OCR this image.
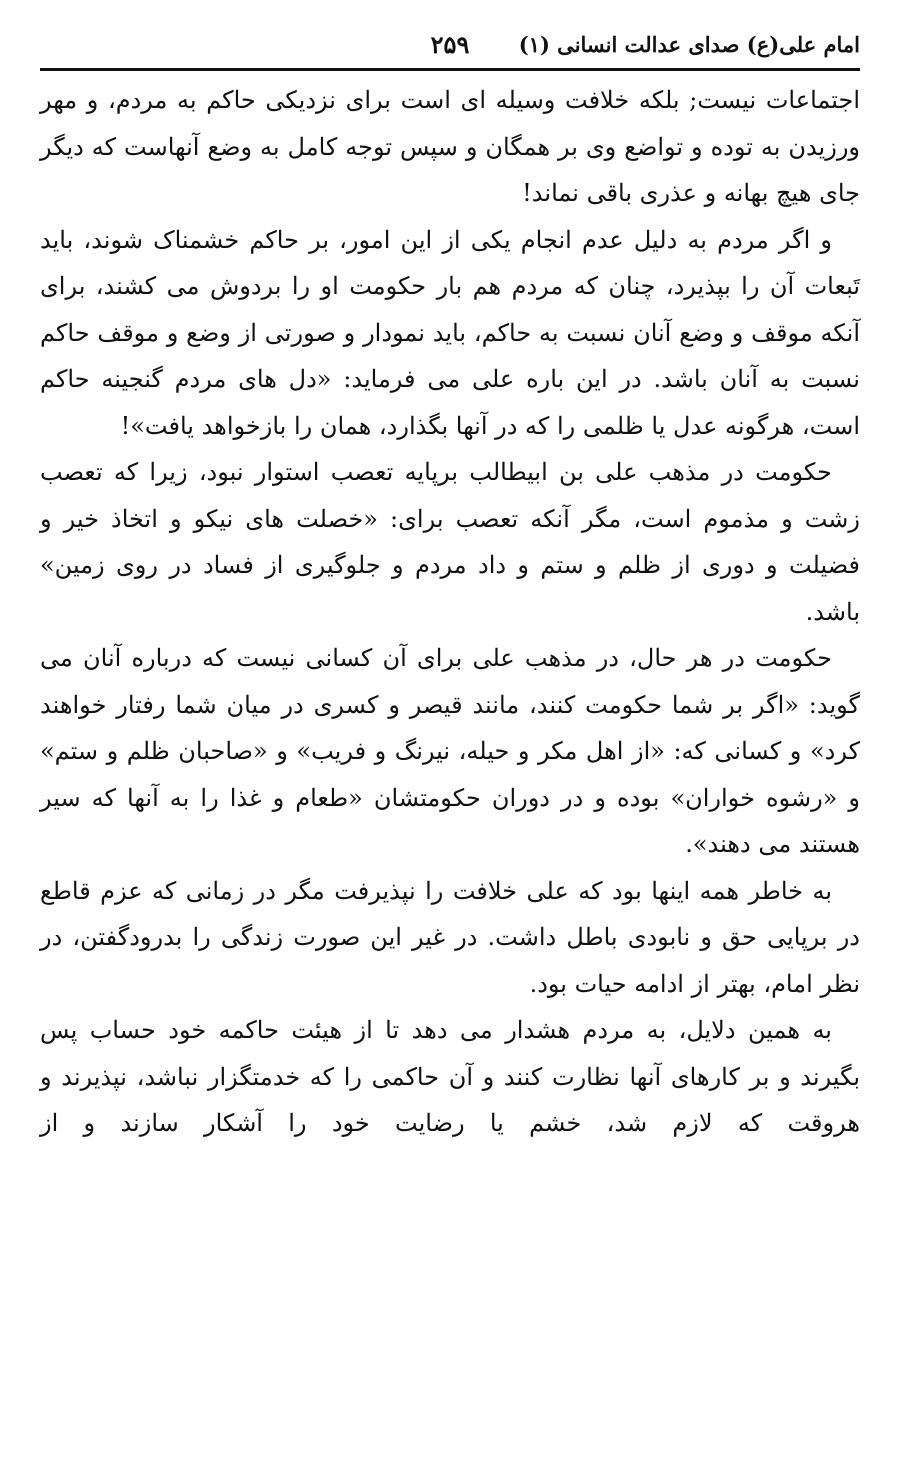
امام علی(ع) صدای عدالت انسانی (۱)
۲۵۹

اجتماعات نیست; بلکه خلافت وسیله ای است برای نزدیکی حاکم به مردم، و مهر ورزیدن به توده و تواضع وی بر همگان و سپس توجه کامل به وضع آنهاست که دیگر جای هیچ بهانه و عذری باقی نماند!

و اگر مردم به دلیل عدم انجام یکی از این امور، بر حاکم خشمناک شوند، باید تَبعات آن را بپذیرد، چنان که مردم هم بار حکومت او را بردوش می کشند، برای آنکه موقف و وضع آنان نسبت به حاکم، باید نمودار و صورتی از وضع و موقف حاکم نسبت به آنان باشد. در این باره علی می فرماید: «دل های مردم گنجینه حاکم است، هرگونه عدل یا ظلمی را که در آنها بگذارد، همان را بازخواهد یافت»!

حکومت در مذهب علی بن ابیطالب برپایه تعصب استوار نبود، زیرا که تعصب زشت و مذموم است، مگر آنکه تعصب برای: «خصلت های نیکو و اتخاذ خیر و فضیلت و دوری از ظلم و ستم و داد مردم و جلوگیری از فساد در روی زمین» باشد.

حکومت در هر حال، در مذهب علی برای آن کسانی نیست که درباره آنان می گوید: «اگر بر شما حکومت کنند، مانند قیصر و کسری در میان شما رفتار خواهند کرد» و کسانی که: «از اهل مکر و حیله، نیرنگ و فریب» و «صاحبان ظلم و ستم» و «رشوه خواران» بوده و در دوران حکومتشان «طعام و غذا را به آنها که سیر هستند می دهند».

به خاطر همه اینها بود که علی خلافت را نپذیرفت مگر در زمانی که عزم قاطع در برپایی حق و نابودی باطل داشت. در غیر این صورت زندگی را بدرودگفتن، در نظر امام، بهتر از ادامه حیات بود.

به همین دلایل، به مردم هشدار می دهد تا از هیئت حاکمه خود حساب پس بگیرند و بر کارهای آنها نظارت کنند و آن حاکمی را که خدمتگزار نباشد، نپذیرند و هروقت که لازم شد، خشم یا رضایت خود را آشکار سازند و از
